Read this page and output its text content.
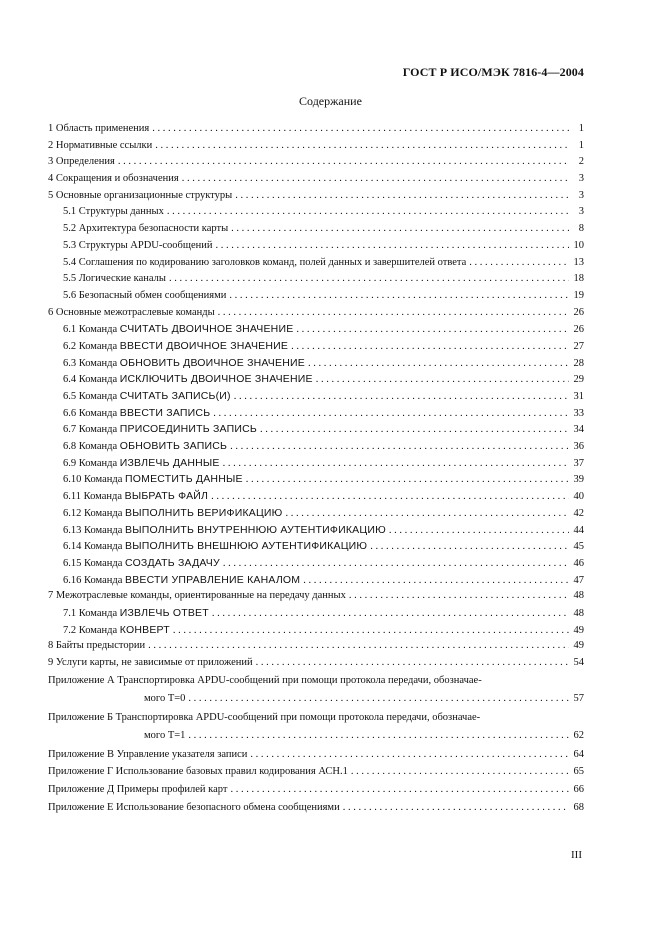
ГОСТ Р ИСО/МЭК 7816-4—2004
Содержание
1 Область применения . . .	1
2 Нормативные ссылки . . .	1
3 Определения . . .	2
4 Сокращения и обозначения . . .	3
5 Основные организационные структуры . . .	3
5.1 Структуры данных . . .	3
5.2 Архитектура безопасности карты . . .	8
5.3 Структуры APDU-сообщений . . .	10
5.4 Соглашения по кодированию заголовков команд, полей данных и завершителей ответа . . .	13
5.5 Логические каналы . . .	18
5.6 Безопасный обмен сообщениями . . .	19
6 Основные межотраслевые команды . . .	26
6.1 Команда СЧИТАТЬ ДВОИЧНОЕ ЗНАЧЕНИЕ . . .	26
6.2 Команда ВВЕСТИ ДВОИЧНОЕ ЗНАЧЕНИЕ . . .	27
6.3 Команда ОБНОВИТЬ ДВОИЧНОЕ ЗНАЧЕНИЕ . . .	28
6.4 Команда ИСКЛЮЧИТЬ ДВОИЧНОЕ ЗНАЧЕНИЕ . . .	29
6.5 Команда СЧИТАТЬ ЗАПИСЬ(И) . . .	31
6.6 Команда ВВЕСТИ ЗАПИСЬ . . .	33
6.7 Команда ПРИСОЕДИНИТЬ ЗАПИСЬ . . .	34
6.8 Команда ОБНОВИТЬ ЗАПИСЬ . . .	36
6.9 Команда ИЗВЛЕЧЬ ДАННЫЕ . . .	37
6.10 Команда ПОМЕСТИТЬ ДАННЫЕ . . .	39
6.11 Команда ВЫБРАТЬ ФАЙЛ . . .	40
6.12 Команда ВЫПОЛНИТЬ ВЕРИФИКАЦИЮ . . .	42
6.13 Команда ВЫПОЛНИТЬ ВНУТРЕННЮЮ АУТЕНТИФИКАЦИЮ . . .	44
6.14 Команда ВЫПОЛНИТЬ ВНЕШНЮЮ АУТЕНТИФИКАЦИЮ . . .	45
6.15 Команда СОЗДАТЬ ЗАДАЧУ . . .	46
6.16 Команда ВВЕСТИ УПРАВЛЕНИЕ КАНАЛОМ . . .	47
7 Межотраслевые команды, ориентированные на передачу данных . . .	48
7.1 Команда ИЗВЛЕЧЬ ОТВЕТ . . .	48
7.2 Команда КОНВЕРТ . . .	49
8 Байты предыстории . . .	49
9 Услуги карты, не зависимые от приложений . . .	54
Приложение А Транспортировка APDU-сообщений при помощи протокола передачи, обозначае-
мого Т=0 . . .	57
Приложение Б Транспортировка APDU-сообщений при помощи протокола передачи, обозначае-
мого Т=1 . . .	62
Приложение В Управление указателя записи . . .	64
Приложение Г Использование базовых правил кодирования АСН.1 . . .	65
Приложение Д Примеры профилей карт . . .	66
Приложение Е Использование безопасного обмена сообщениями . . .	68
III
